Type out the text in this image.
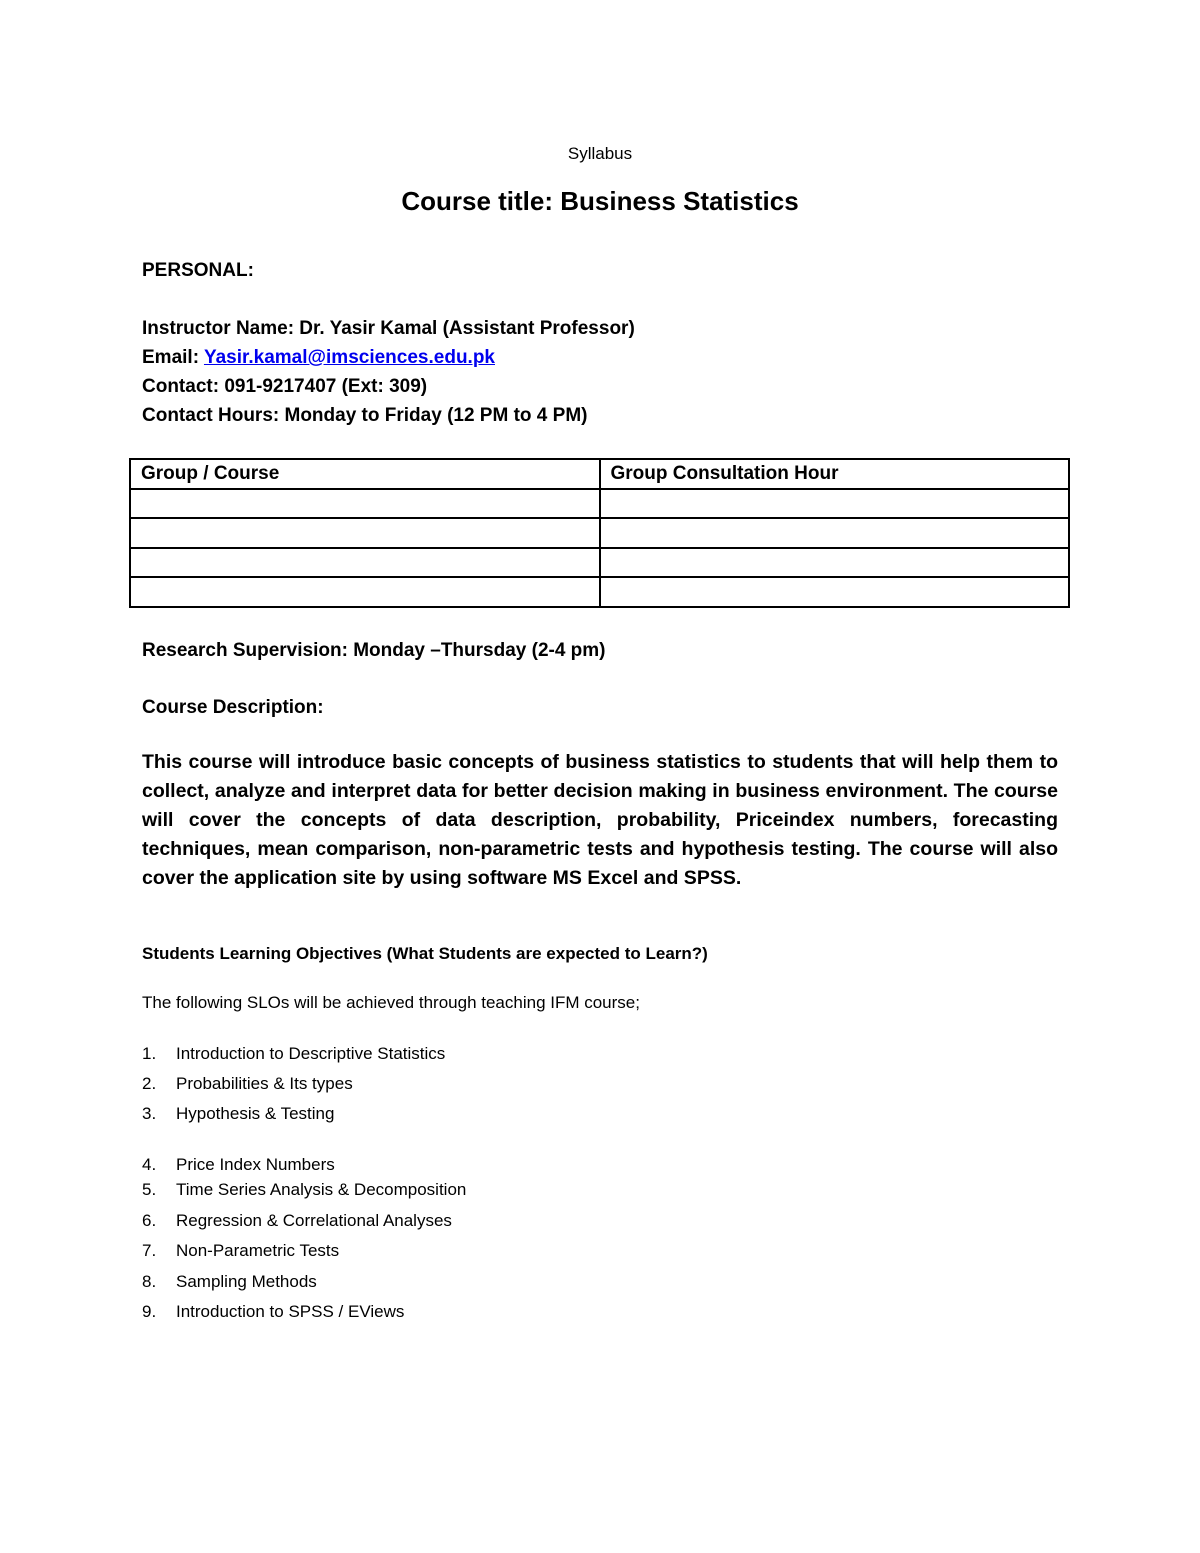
Syllabus
Course title: Business Statistics
PERSONAL:
Instructor Name: Dr. Yasir Kamal (Assistant Professor)
Email: Yasir.kamal@imsciences.edu.pk
Contact: 091-9217407 (Ext: 309)
Contact Hours: Monday to Friday (12 PM to 4 PM)
Group / Course	Group Consultation Hour

Research Supervision: Monday –Thursday (2-4 pm)
Course Description:
This course will introduce basic concepts of business statistics to students that will help them to collect, analyze and interpret data for better decision making in business environment. The course will cover the concepts of data description, probability, Priceindex numbers, forecasting techniques, mean comparison, non-parametric tests and hypothesis testing. The course will also cover the application site by using software MS Excel and SPSS.
Students Learning Objectives (What Students are expected to Learn?)
The following SLOs will be achieved through teaching IFM course;
1. Introduction to Descriptive Statistics
2. Probabilities & Its types
3. Hypothesis & Testing
4. Price Index Numbers
5. Time Series Analysis & Decomposition
6. Regression & Correlational Analyses
7. Non-Parametric Tests
8. Sampling Methods
9. Introduction to SPSS / EViews
